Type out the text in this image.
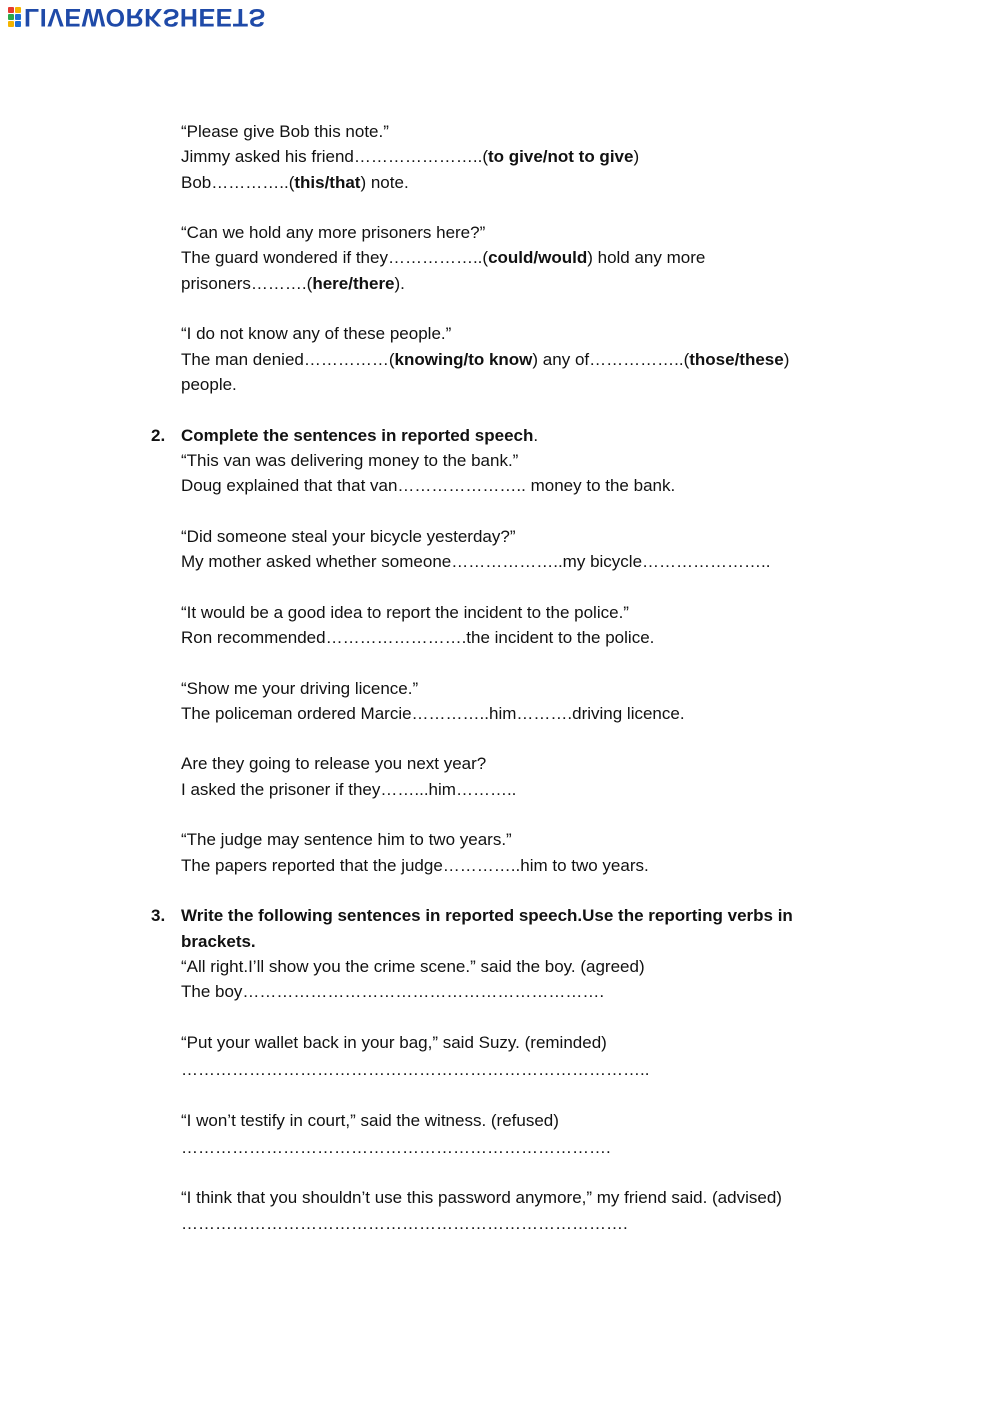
LIVEWORKSHEETS
“Please give Bob this note.”
Jimmy asked his friend…………………..(to give/not to give)
Bob…………..(this/that) note.
“Can we hold any more prisoners here?”
The guard wondered if they……………..(could/would) hold any more
prisoners……….(here/there).
“I do not know any of these people.”
The man denied……………(knowing/to know) any of……………..(those/these)
people.
2. Complete the sentences in reported speech.
“This van was delivering money to the bank.”
Doug explained that that van………………….. money to the bank.
“Did someone steal your bicycle yesterday?”
My mother asked whether someone………………..my bicycle…………………..
“It would be a good idea to report the incident to the police.”
Ron recommended…………………….the incident to the police.
“Show me your driving licence.”
The policeman ordered Marcie…………..him……….driving licence.
Are they going to release you next year?
I asked the prisoner if they……...him………..
“The judge may sentence him to two years.”
The papers reported that the judge…………..him to two years.
3. Write the following sentences in reported speech.Use the reporting verbs in
brackets.
“All right.I’ll show you the crime scene.” said the boy. (agreed)
The boy……………………………………………………….
“Put your wallet back in your bag,” said Suzy. (reminded)
………………………………………………………………………..
“I won’t testify in court,” said the witness. (refused)
………………………………………………………………….
“I think that you shouldn’t use this password anymore,” my friend said. (advised)
…………………………………………………………………….
